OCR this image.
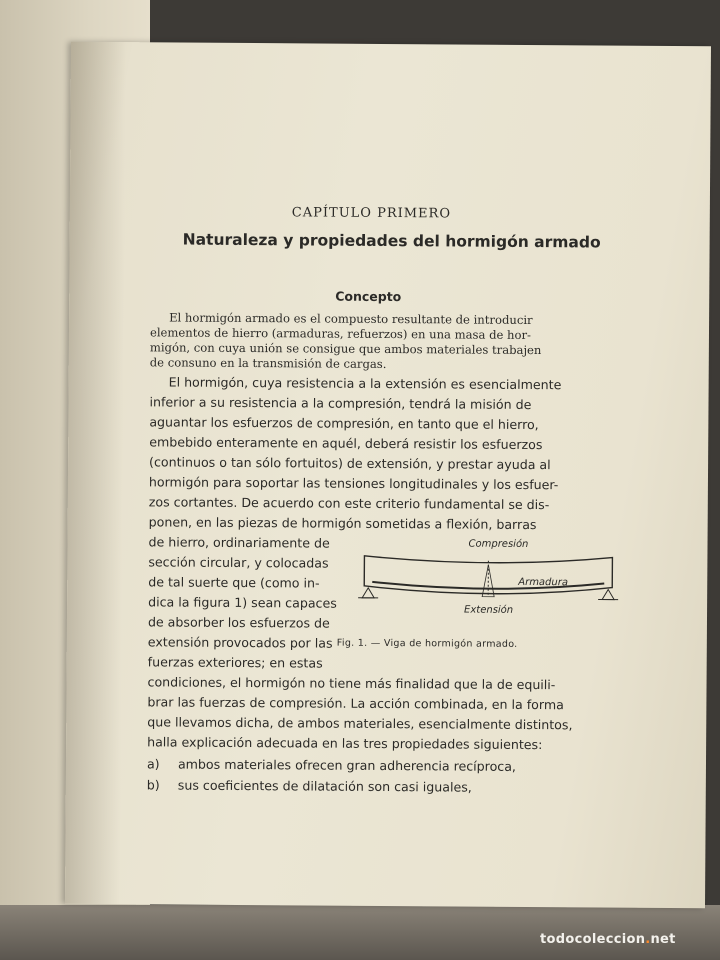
CAPÍTULO PRIMERO
Naturaleza y propiedades del hormigón armado
Concepto
El hormigón armado es el compuesto resultante de introducir
elementos de hierro (armaduras, refuerzos) en una masa de hor-
migón, con cuya unión se consigue que ambos materiales trabajen
de consuno en la transmisión de cargas.
El hormigón, cuya resistencia a la extensión es esencialmente
inferior a su resistencia a la compresión, tendrá la misión de
aguantar los esfuerzos de compresión, en tanto que el hierro,
embebido enteramente en aquél, deberá resistir los esfuerzos
(continuos o tan sólo fortuitos) de extensión, y prestar ayuda al
hormigón para soportar las tensiones longitudinales y los esfuer-
zos cortantes. De acuerdo con este criterio fundamental se dis-
ponen, en las piezas de hormigón sometidas a flexión, barras
de hierro, ordinariamente de
sección circular, y colocadas
de tal suerte que (como in-
dica la figura 1) sean capaces
de absorber los esfuerzos de
extensión provocados por las
fuerzas exteriores; en estas
Compresión
Armadura
Extensión
Fig. 1. — Viga de hormigón armado.
condiciones, el hormigón no tiene más finalidad que la de equili-
brar las fuerzas de compresión. La acción combinada, en la forma
que llevamos dicha, de ambos materiales, esencialmente distintos,
halla explicación adecuada en las tres propiedades siguientes:
a) ambos materiales ofrecen gran adherencia recíproca,
b) sus coeficientes de dilatación son casi iguales,
todocoleccion.net
